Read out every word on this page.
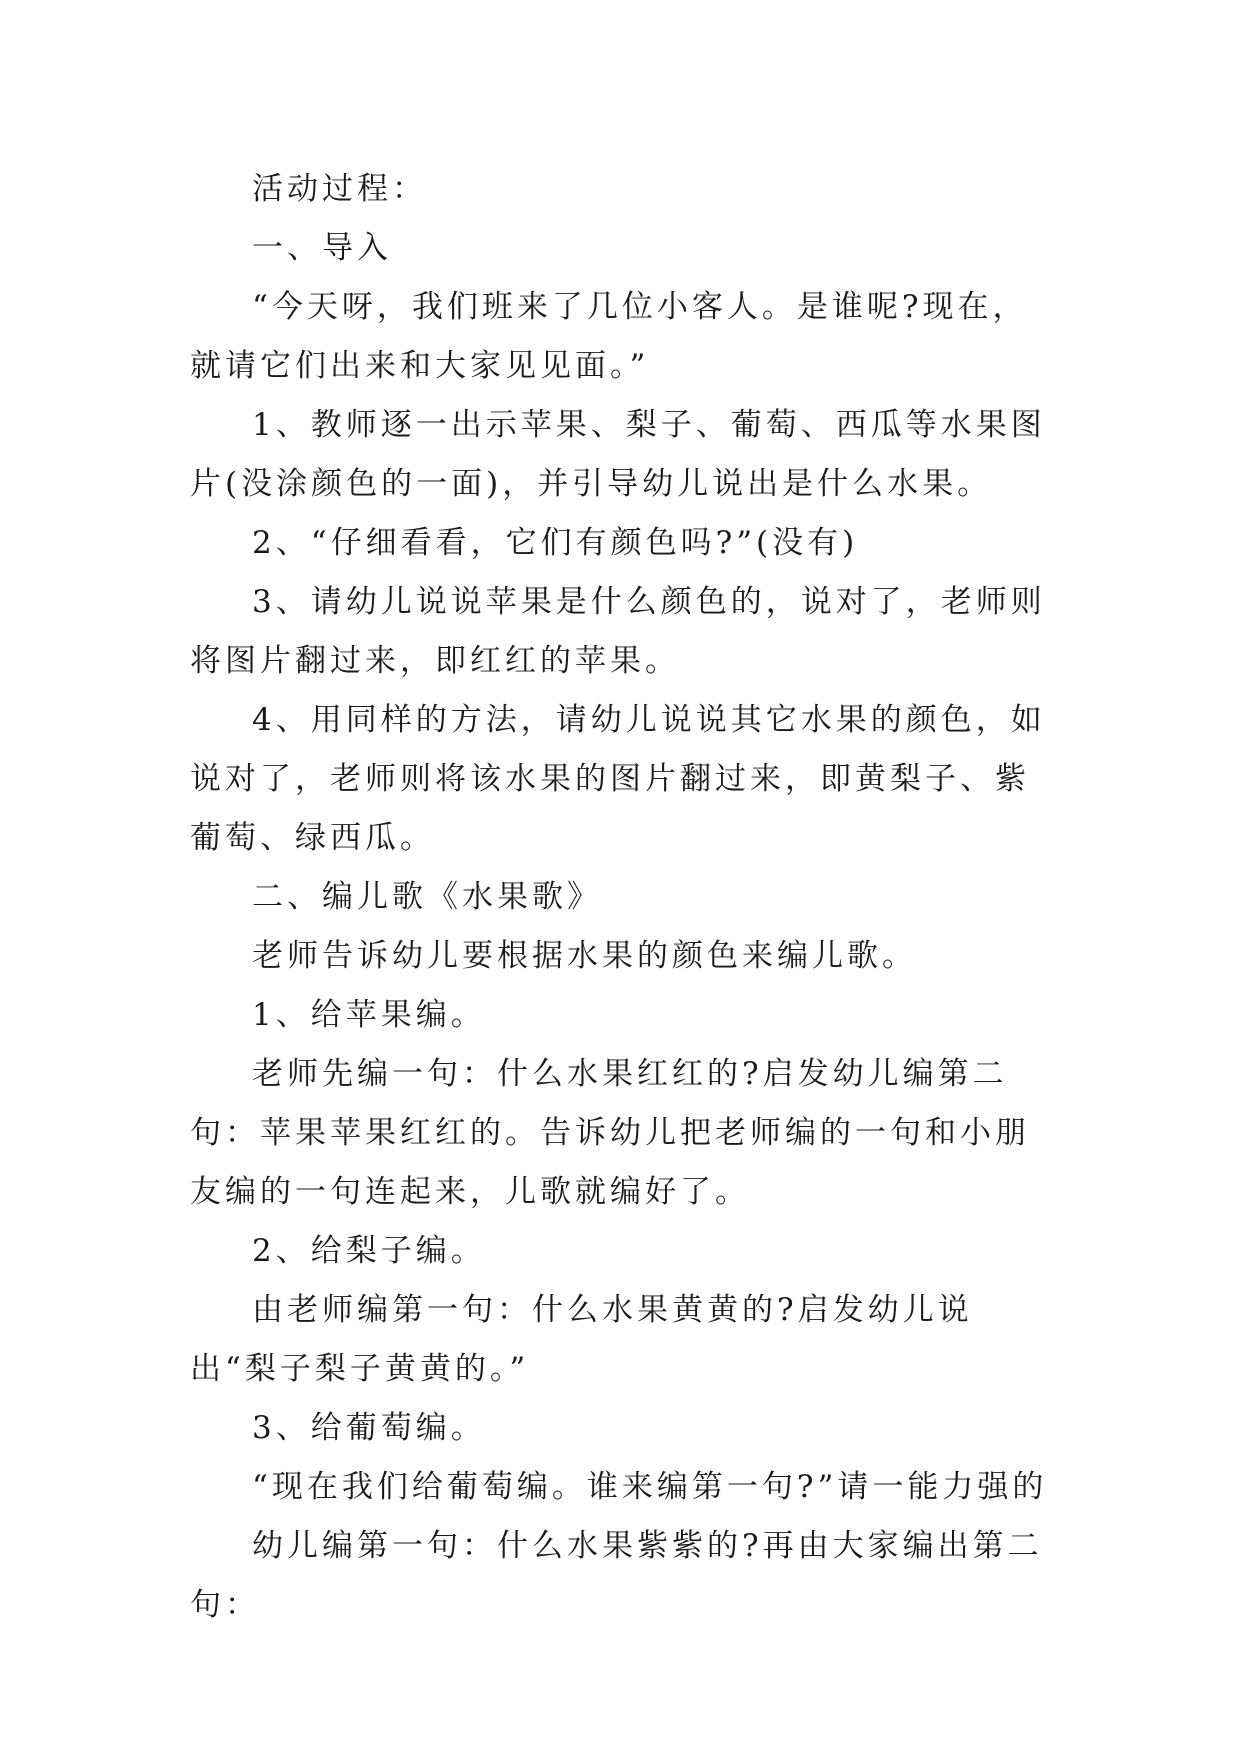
活动过程：

一、导入

“今天呀，我们班来了几位小客人。是谁呢?现在，就请它们出来和大家见见面。”

1、教师逐一出示苹果、梨子、葡萄、西瓜等水果图片(没涂颜色的一面)，并引导幼儿说出是什么水果。

2、“仔细看看，它们有颜色吗?”(没有)

3、请幼儿说说苹果是什么颜色的，说对了，老师则将图片翻过来，即红红的苹果。

4、用同样的方法，请幼儿说说其它水果的颜色，如说对了，老师则将该水果的图片翻过来，即黄梨子、紫葡萄、绿西瓜。

二、编儿歌《水果歌》

老师告诉幼儿要根据水果的颜色来编儿歌。

1、给苹果编。

老师先编一句：什么水果红红的?启发幼儿编第二句：苹果苹果红红的。告诉幼儿把老师编的一句和小朋友编的一句连起来，儿歌就编好了。

2、给梨子编。

由老师编第一句：什么水果黄黄的?启发幼儿说出“梨子梨子黄黄的。”

3、给葡萄编。

“现在我们给葡萄编。谁来编第一句?”请一能力强的

幼儿编第一句：什么水果紫紫的?再由大家编出第二句：
